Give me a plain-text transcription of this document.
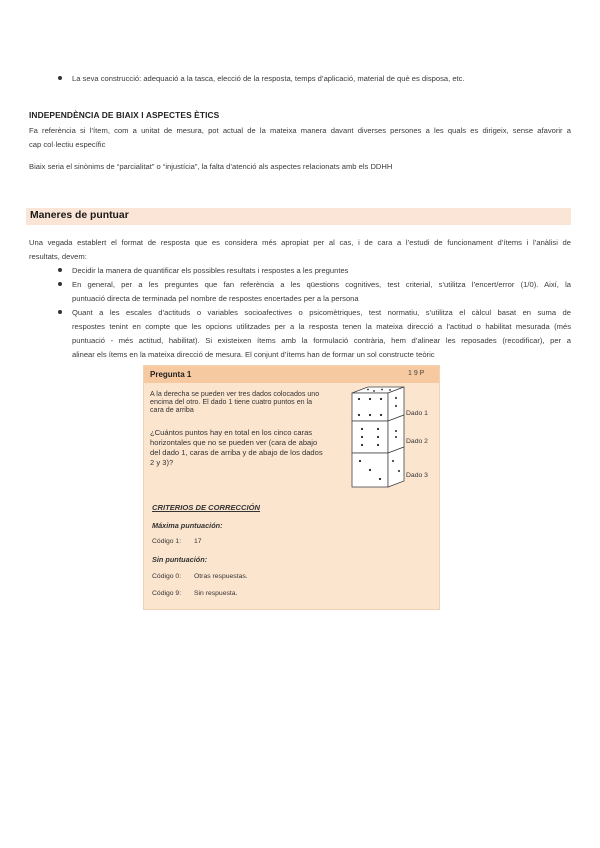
La seva construcció: adequació a la tasca, elecció de la resposta, temps d’aplicació, material de què es disposa, etc.
INDEPENDÈNCIA DE BIAIX I ASPECTES ÈTICS
Fa referència si l’ítem, com a unitat de mesura, pot actual de la mateixa manera davant diverses persones a les quals es dirigeix, sense afavorir a
cap col·lectiu específic
Biaix seria el sinònims de “parcialitat” o “injustícia”, la falta d’atenció als aspectes relacionats amb els DDHH
Maneres de puntuar
Una vegada establert el format de resposta que es considera més apropiat per al cas, i de cara a l’estudi de funcionament d’ítems i l’anàlisi de
resultats, devem:
Decidir la manera de quantificar els possibles resultats i respostes a les preguntes
En general, per a les preguntes que fan referència a les qüestions cognitives, test criterial, s’utilitza l’encert/error (1/0). Així, la
puntuació directa de terminada pel nombre de respostes encertades per a la persona
Quant a les escales d’actituds o variables socioafectives o psicomètriques, test normatiu, s’utilitza el càlcul basat en suma de
respostes tenint en compte que les opcions utilitzades per a la resposta tenen la mateixa direcció a l’actitud o habilitat mesurada (més
puntuació - més actitud, habilitat). Si existeixen ítems amb la formulació contrària, hem d’alinear les reposades (recodificar), per a
alinear els ítems en la mateixa direcció de mesura. El conjunt d’ítems han de formar un sol constructe teòric
Pregunta 1	1 9 P
A la derecha se pueden ver tres dados colocados uno
encima del otro. El dado 1 tiene cuatro puntos en la
cara de arriba
¿Cuántos puntos hay en total en los cinco caras
horizontales que no se pueden ver (cara de abajo
del dado 1, caras de arriba y de abajo de los dados
2 y 3)?
Dado 1
Dado 2
Dado 3
CRITERIOS DE CORRECCIÓN
Máxima puntuación:
Código 1: 17
Sin puntuación:
Código 0: Otras respuestas.
Código 9: Sin respuesta.
